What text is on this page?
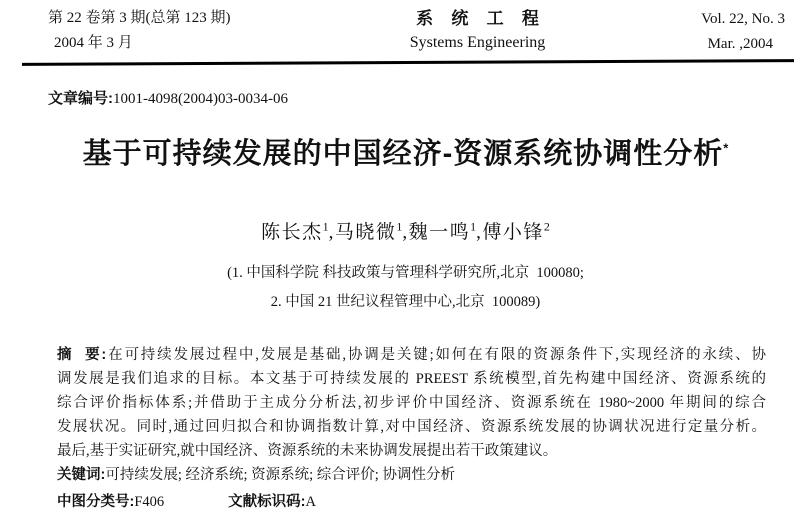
第 22 卷第 3 期(总第 123 期)
2004 年 3 月
系 统 工 程
Systems Engineering
Vol. 22, No. 3
Mar. ,2004
文章编号:1001-4098(2004)03-0034-06
基于可持续发展的中国经济-资源系统协调性分析*
陈长杰$^1$,马晓微$^1$,魏一鸣$^1$,傅小锋$^2$
(1. 中国科学院 科技政策与管理科学研究所,北京  100080;
2. 中国 21 世纪议程管理中心,北京  100089)
摘  要:在可持续发展过程中,发展是基础,协调是关键;如何在有限的资源条件下,实现经济的永续、协
调发展是我们追求的目标。本文基于可持续发展的 PREEST 系统模型,首先构建中国经济、资源系统的
综合评价指标体系;并借助于主成分分析法,初步评价中国经济、资源系统在 1980~2000 年期间的综合
发展状况。同时,通过回归拟合和协调指数计算,对中国经济、资源系统发展的协调状况进行定量分析。
最后,基于实证研究,就中国经济、资源系统的未来协调发展提出若干政策建议。
关键词:可持续发展; 经济系统; 资源系统; 综合评价; 协调性分析
中图分类号:F406	文献标识码:A
